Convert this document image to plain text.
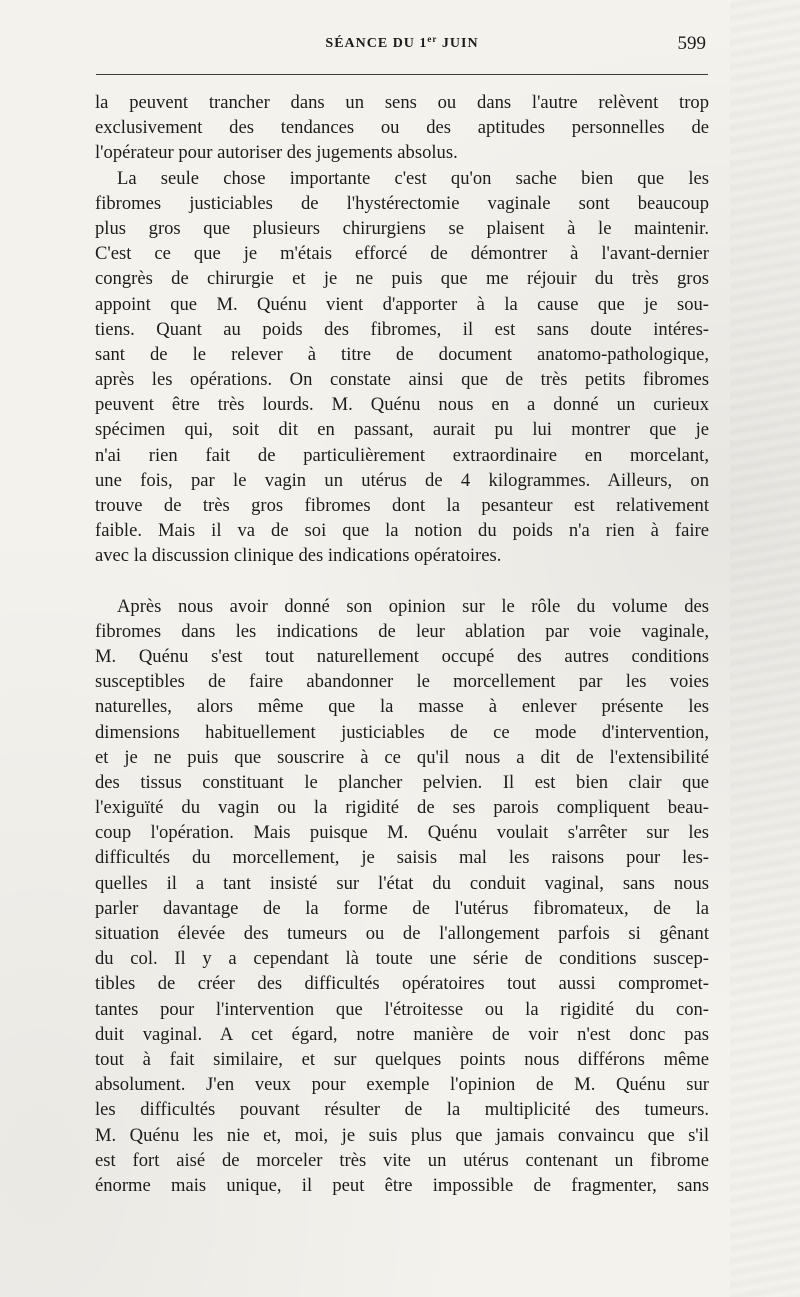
SÉANCE DU 1er JUIN	599
la peuvent trancher dans un sens ou dans l'autre relèvent trop
exclusivement des tendances ou des aptitudes personnelles de
l'opérateur pour autoriser des jugements absolus.
La seule chose importante c'est qu'on sache bien que les
fibromes justiciables de l'hystérectomie vaginale sont beaucoup
plus gros que plusieurs chirurgiens se plaisent à le maintenir.
C'est ce que je m'étais efforcé de démontrer à l'avant-dernier
congrès de chirurgie et je ne puis que me réjouir du très gros
appoint que M. Quénu vient d'apporter à la cause que je sou-
tiens. Quant au poids des fibromes, il est sans doute intéres-
sant de le relever à titre de document anatomo-pathologique,
après les opérations. On constate ainsi que de très petits fibromes
peuvent être très lourds. M. Quénu nous en a donné un curieux
spécimen qui, soit dit en passant, aurait pu lui montrer que je
n'ai rien fait de particulièrement extraordinaire en morcelant,
une fois, par le vagin un utérus de 4 kilogrammes. Ailleurs, on
trouve de très gros fibromes dont la pesanteur est relativement
faible. Mais il va de soi que la notion du poids n'a rien à faire
avec la discussion clinique des indications opératoires.
Après nous avoir donné son opinion sur le rôle du volume des
fibromes dans les indications de leur ablation par voie vaginale,
M. Quénu s'est tout naturellement occupé des autres conditions
susceptibles de faire abandonner le morcellement par les voies
naturelles, alors même que la masse à enlever présente les
dimensions habituellement justiciables de ce mode d'intervention,
et je ne puis que souscrire à ce qu'il nous a dit de l'extensibilité
des tissus constituant le plancher pelvien. Il est bien clair que
l'exiguïté du vagin ou la rigidité de ses parois compliquent beau-
coup l'opération. Mais puisque M. Quénu voulait s'arrêter sur les
difficultés du morcellement, je saisis mal les raisons pour les-
quelles il a tant insisté sur l'état du conduit vaginal, sans nous
parler davantage de la forme de l'utérus fibromateux, de la
situation élevée des tumeurs ou de l'allongement parfois si gênant
du col. Il y a cependant là toute une série de conditions suscep-
tibles de créer des difficultés opératoires tout aussi compromet-
tantes pour l'intervention que l'étroitesse ou la rigidité du con-
duit vaginal. A cet égard, notre manière de voir n'est donc pas
tout à fait similaire, et sur quelques points nous différons même
absolument. J'en veux pour exemple l'opinion de M. Quénu sur
les difficultés pouvant résulter de la multiplicité des tumeurs.
M. Quénu les nie et, moi, je suis plus que jamais convaincu que s'il
est fort aisé de morceler très vite un utérus contenant un fibrome
énorme mais unique, il peut être impossible de fragmenter, sans
